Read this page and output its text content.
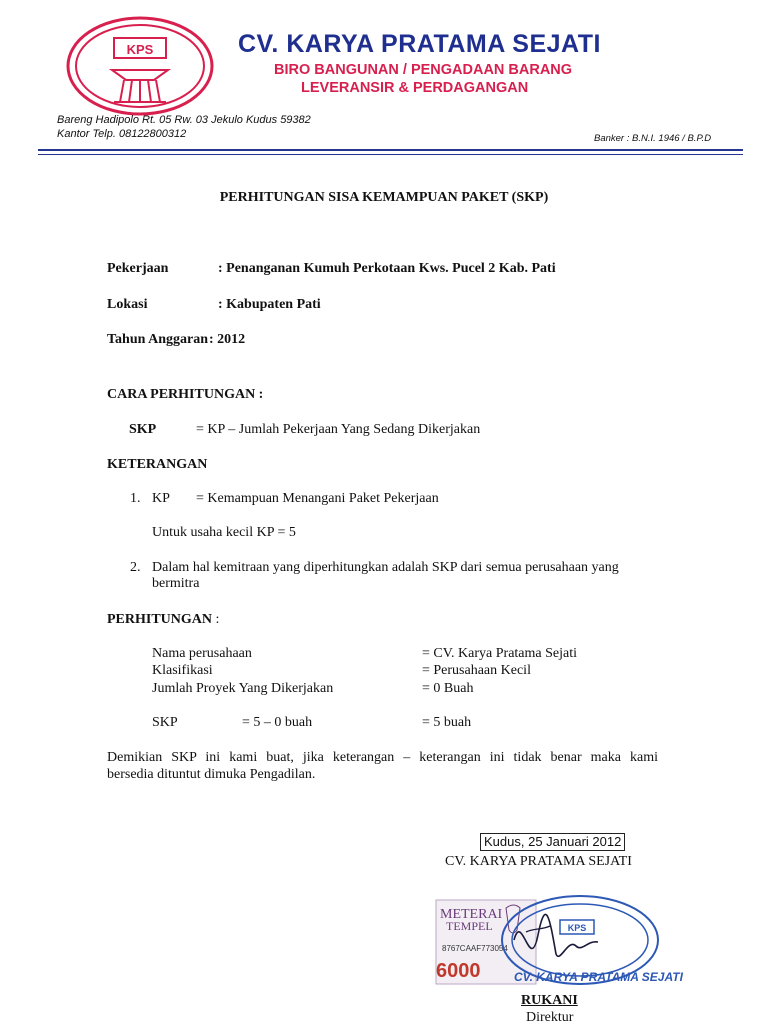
KPS	CV. KARYA PRATAMA SEJATI
BIRO BANGUNAN / PENGADAAN BARANG
LEVERANSIR & PERDAGANGAN
Bareng Hadipolo Rt. 05 Rw. 03 Jekulo Kudus 59382
Kantor Telp. 08122800312	Banker : B.N.I. 1946 / B.P.D
PERHITUNGAN SISA KEMAMPUAN PAKET (SKP)
Pekerjaan	: Penanganan Kumuh Perkotaan Kws. Pucel 2 Kab. Pati
Lokasi	: Kabupaten Pati
Tahun Anggaran : 2012
CARA PERHITUNGAN :
SKP	= KP – Jumlah Pekerjaan Yang Sedang Dikerjakan
KETERANGAN
1. KP = Kemampuan Menangani Paket Pekerjaan
Untuk usaha kecil KP = 5
2. Dalam hal kemitraan yang diperhitungkan adalah SKP dari semua perusahaan yang
bermitra
PERHITUNGAN :
Nama perusahaan	= CV. Karya Pratama Sejati
Klasifikasi	= Perusahaan Kecil
Jumlah Proyek Yang Dikerjakan	= 0 Buah
SKP	= 5 – 0 buah	= 5 buah
Demikian SKP ini kami buat, jika keterangan – keterangan ini tidak benar maka kami
bersedia dituntut dimuka Pengadilan.
Kudus, 25 Januari 2012
CV. KARYA PRATAMA SEJATI
METERAI
TEMPEL
8767CAAF773054
6000
KPS
CV. KARYA PRATAMA SEJATI
RUKANI
Direktur
